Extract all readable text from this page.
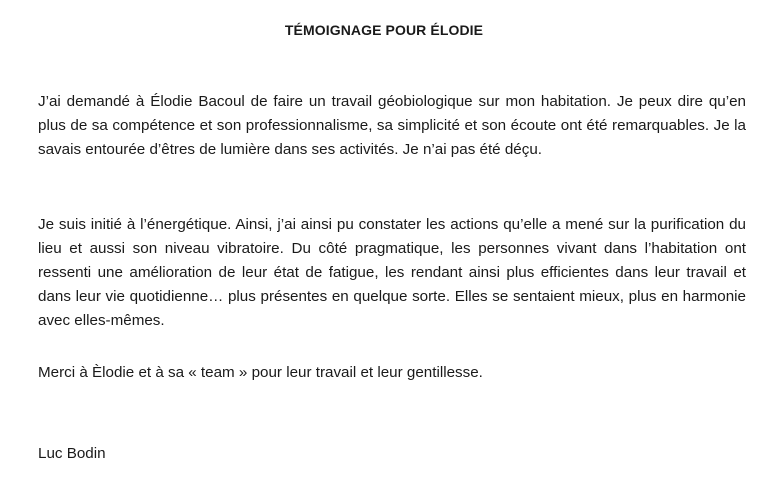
TÉMOIGNAGE POUR ÉLODIE

J’ai demandé à Élodie Bacoul de faire un travail géobiologique sur mon habitation. Je peux dire qu’en plus de sa compétence et son professionnalisme, sa simplicité et son écoute ont été remarquables. Je la savais entourée d’êtres de lumière dans ses activités. Je n’ai pas été déçu.

Je suis initié à l’énergétique. Ainsi, j’ai ainsi pu constater les actions qu’elle a mené sur la purification du lieu et aussi son niveau vibratoire. Du côté pragmatique, les personnes vivant dans l’habitation ont ressenti une amélioration de leur état de fatigue, les rendant ainsi plus efficientes dans leur travail et dans leur vie quotidienne… plus présentes en quelque sorte. Elles se sentaient mieux, plus en harmonie avec elles-mêmes.

Merci à Èlodie et à sa « team » pour leur travail et leur gentillesse.

Luc Bodin
